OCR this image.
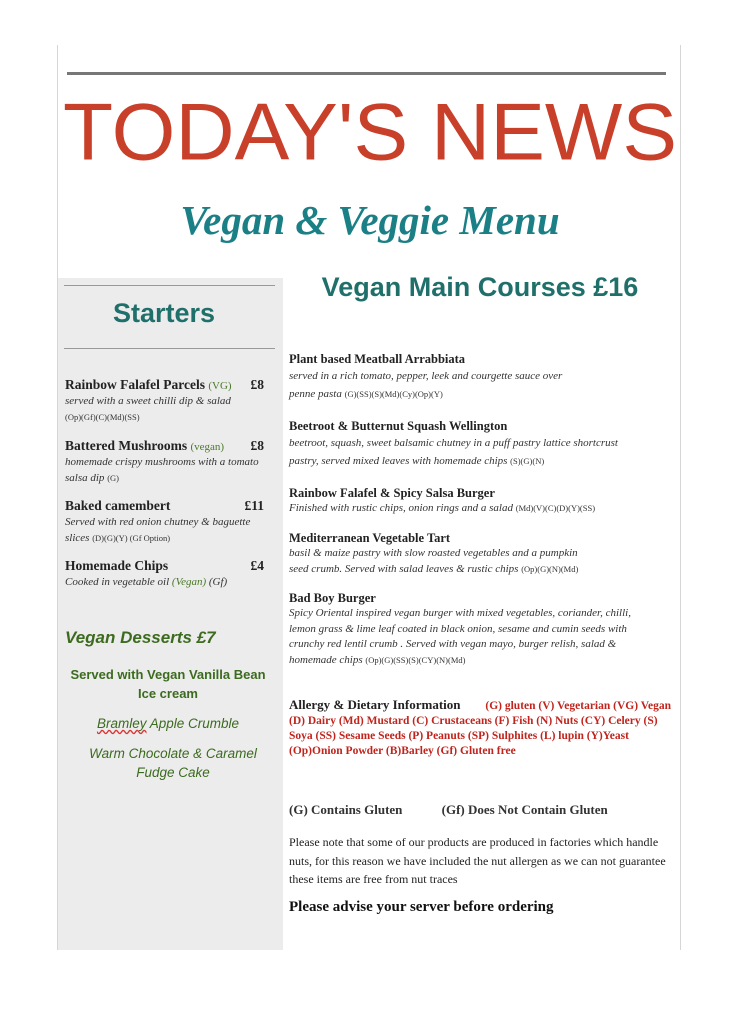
TODAY'S NEWS
Vegan & Veggie Menu
Starters
Rainbow Falafel Parcels (VG)	£8
served with a sweet chilli dip & salad
(Op)(Gf)(C)(Md)(SS)
Battered Mushrooms (vegan)	£8
homemade crispy mushrooms with a tomato salsa dip (G)
Baked camembert	£11
Served with red onion chutney & baguette slices (D)(G)(Y) (Gf Option)
Homemade Chips	£4
Cooked in vegetable oil (Vegan) (Gf)
Vegan Desserts £7
Served with Vegan Vanilla Bean Ice cream
Bramley Apple Crumble
Warm Chocolate & Caramel Fudge Cake
Vegan Main Courses £16
Plant based Meatball Arrabbiata
served in a rich tomato, pepper, leek and courgette sauce over penne pasta (G)(SS)(S)(Md)(Cy)(Op)(Y)
Beetroot & Butternut Squash Wellington
beetroot, squash, sweet balsamic chutney in a puff pastry lattice shortcrust pastry, served mixed leaves with homemade chips (S)(G)(N)
Rainbow Falafel & Spicy Salsa Burger
Finished with rustic chips, onion rings and a salad (Md)(V)(C)(D)(Y)(SS)
Mediterranean Vegetable Tart
basil & maize pastry with slow roasted vegetables and a pumpkin seed crumb. Served with salad leaves & rustic chips (Op)(G)(N)(Md)
Bad Boy Burger
Spicy Oriental inspired vegan burger with mixed vegetables, coriander, chilli, lemon grass & lime leaf coated in black onion, sesame and cumin seeds with crunchy red lentil crumb . Served with vegan mayo, burger relish, salad & homemade chips (Op)(G)(SS)(S)(CY)(N)(Md)
Allergy & Dietary Information (G) gluten (V) Vegetarian (VG) Vegan (D) Dairy (Md) Mustard (C) Crustaceans (F) Fish (N) Nuts (CY) Celery (S) Soya (SS) Sesame Seeds (P) Peanuts (SP) Sulphites (L) lupin (Y)Yeast (Op)Onion Powder (B)Barley (Gf) Gluten free
(G) Contains Gluten	(Gf) Does Not Contain Gluten
Please note that some of our products are produced in factories which handle nuts, for this reason we have included the nut allergen as we can not guarantee these items are free from nut traces
Please advise your server before ordering
